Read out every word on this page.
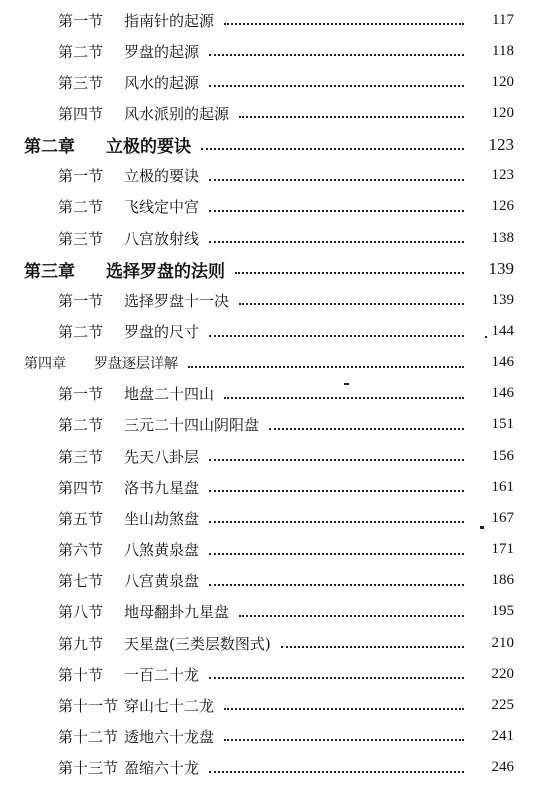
第一节 指南针的起源	117
第二节 罗盘的起源	118
第三节 风水的起源	120
第四节 风水派别的起源	120
第二章 立极的要诀	123
第一节 立极的要诀	123
第二节 飞线定中宫	126
第三节 八宫放射线	138
第三章 选择罗盘的法则	139
第一节 选择罗盘十一决	139
第二节 罗盘的尺寸	144
第四章 罗盘逐层详解	146
第一节 地盘二十四山	146
第二节 三元二十四山阴阳盘	151
第三节 先天八卦层	156
第四节 洛书九星盘	161
第五节 坐山劫煞盘	167
第六节 八煞黄泉盘	171
第七节 八宫黄泉盘	186
第八节 地母翻卦九星盘	195
第九节 天星盘(三类层数图式)	210
第十节 一百二十龙	220
第十一节 穿山七十二龙	225
第十二节 透地六十龙盘	241
第十三节 盈缩六十龙	246
